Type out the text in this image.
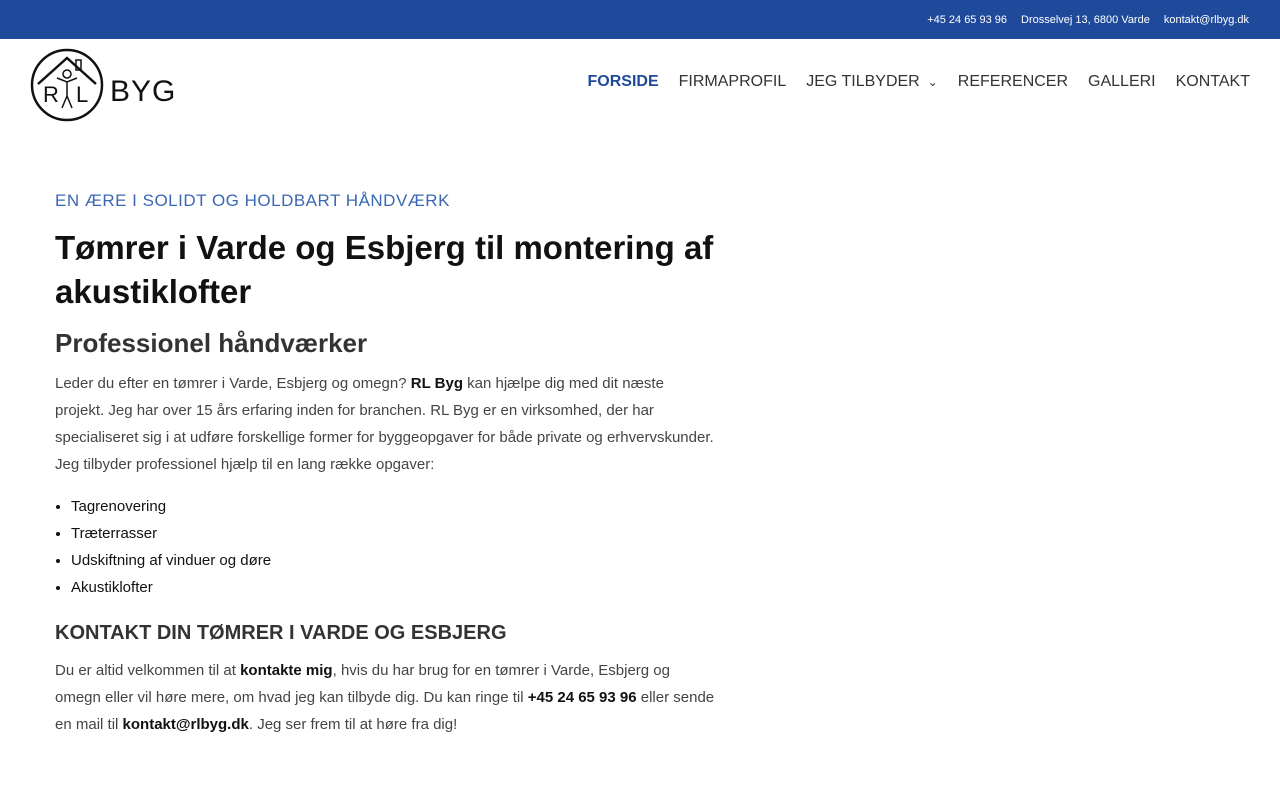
+45 24 65 93 96 Drosselvej 13, 6800 Varde kontakt@rlbyg.dk
R L BYG	FORSIDE FIRMAPROFIL JEG TILBYDER ⌄ REFERENCER GALLERI KONTAKT
EN ÆRE I SOLIDT OG HOLDBART HÅNDVÆRK
Tømrer i Varde og Esbjerg til montering af akustiklofter
Professionel håndværker

Leder du efter en tømrer i Varde, Esbjerg og omegn? RL Byg kan hjælpe dig med dit næste projekt. Jeg har over 15 års erfaring inden for branchen. RL Byg er en virksomhed, der har specialiseret sig i at udføre forskellige former for byggeopgaver for både private og erhvervskunder.

Jeg tilbyder professionel hjælp til en lang række opgaver:

• Tagrenovering
• Træterrasser
• Udskiftning af vinduer og døre
• Akustiklofter
KONTAKT DIN TØMRER I VARDE OG ESBJERG

Du er altid velkommen til at kontakte mig, hvis du har brug for en tømrer i Varde, Esbjerg og omegn eller vil høre mere, om hvad jeg kan tilbyde dig. Du kan ringe til +45 24 65 93 96 eller sende en mail til kontakt@rlbyg.dk. Jeg ser frem til at høre fra dig!
